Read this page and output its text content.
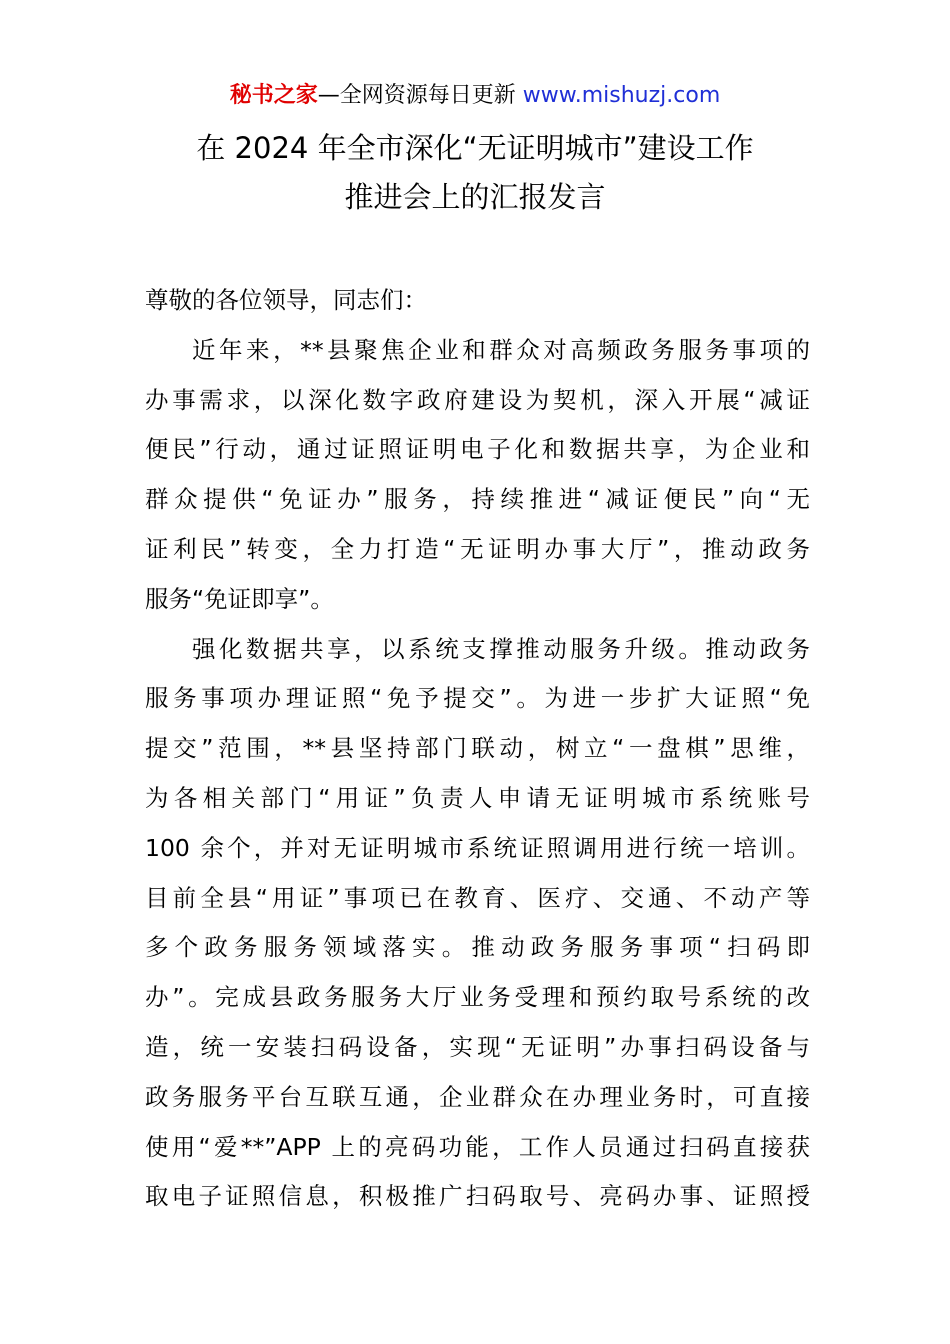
秘书之家—全网资源每日更新 www.mishuzj.com
在 2024 年全市深化“无证明城市”建设工作
推进会上的汇报发言
尊敬的各位领导，同志们：
近年来，**县聚焦企业和群众对高频政务服务事项的
办事需求，以深化数字政府建设为契机，深入开展“减证
便民”行动，通过证照证明电子化和数据共享，为企业和
群众提供“免证办”服务，持续推进“减证便民”向“无
证利民”转变，全力打造“无证明办事大厅”，推动政务
服务“免证即享”。
强化数据共享，以系统支撑推动服务升级。推动政务
服务事项办理证照“免予提交”。为进一步扩大证照“免
提交”范围，**县坚持部门联动，树立“一盘棋”思维，
为各相关部门“用证”负责人申请无证明城市系统账号
100 余个，并对无证明城市系统证照调用进行统一培训。
目前全县“用证”事项已在教育、医疗、交通、不动产等
多个政务服务领域落实。推动政务服务事项“扫码即
办”。完成县政务服务大厅业务受理和预约取号系统的改
造，统一安装扫码设备，实现“无证明”办事扫码设备与
政务服务平台互联互通，企业群众在办理业务时，可直接
使用“爱**”APP 上的亮码功能，工作人员通过扫码直接获
取电子证照信息，积极推广扫码取号、亮码办事、证照授
